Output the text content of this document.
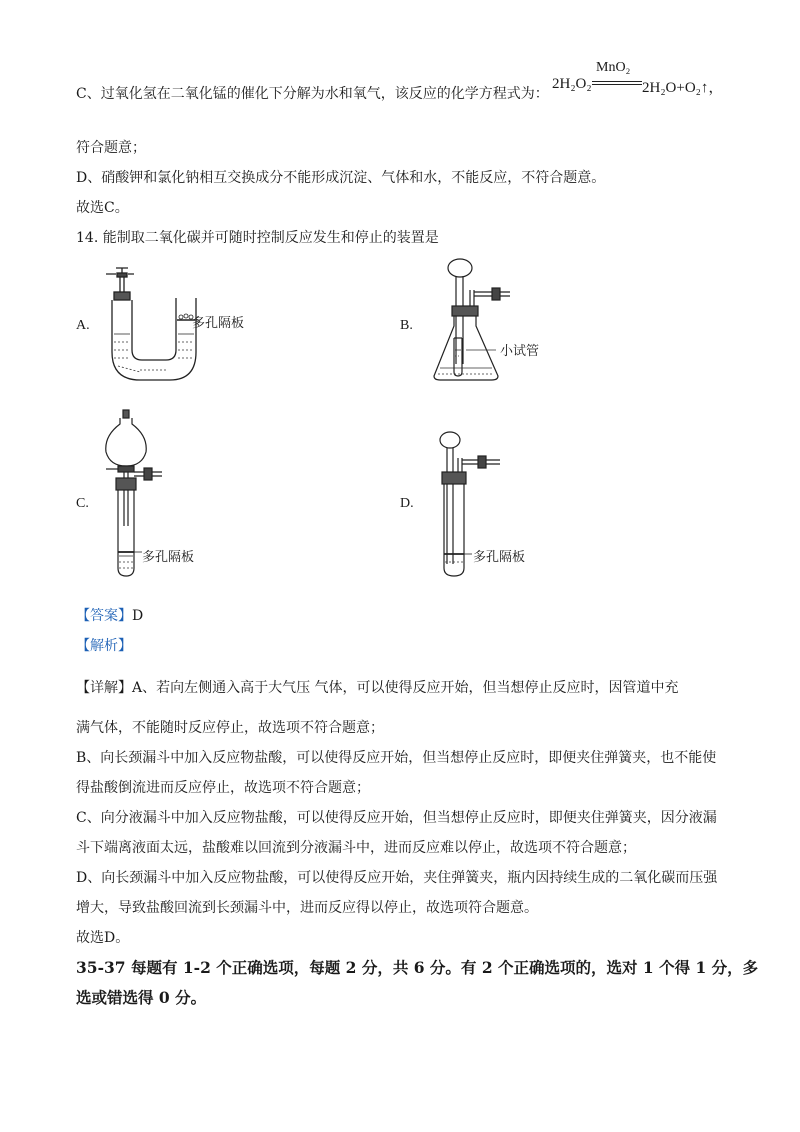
C、过氧化氢在二氧化锰的催化下分解为水和氧气，该反应的化学方程式为：
MnO₂
2H₂O₂	2H₂O+O₂↑，
符合题意；
D、硝酸钾和氯化钠相互交换成分不能形成沉淀、气体和水，不能反应，不符合题意。
故选C。
14. 能制取二氧化碳并可随时控制反应发生和停止的装置是
A.	B.
C.	D.
多孔隔板
小试管
多孔隔板	多孔隔板
【答案】D
【解析】
【详解】A、若向左侧通入高于大气压 气体，可以使得反应开始，但当想停止反应时，因管道中充
满气体，不能随时反应停止，故选项不符合题意；
B、向长颈漏斗中加入反应物盐酸，可以使得反应开始，但当想停止反应时，即便夹住弹簧夹，也不能使
得盐酸倒流进而反应停止，故选项不符合题意；
C、向分液漏斗中加入反应物盐酸，可以使得反应开始，但当想停止反应时，即便夹住弹簧夹，因分液漏
斗下端离液面太远，盐酸难以回流到分液漏斗中，进而反应难以停止，故选项不符合题意；
D、向长颈漏斗中加入反应物盐酸，可以使得反应开始，夹住弹簧夹，瓶内因持续生成的二氧化碳而压强
增大，导致盐酸回流到长颈漏斗中，进而反应得以停止，故选项符合题意。
故选D。
35-37 每题有 1-2 个正确选项，每题 2 分，共 6 分。有 2 个正确选项的，选对 1 个得 1 分，多
选或错选得 0 分。
